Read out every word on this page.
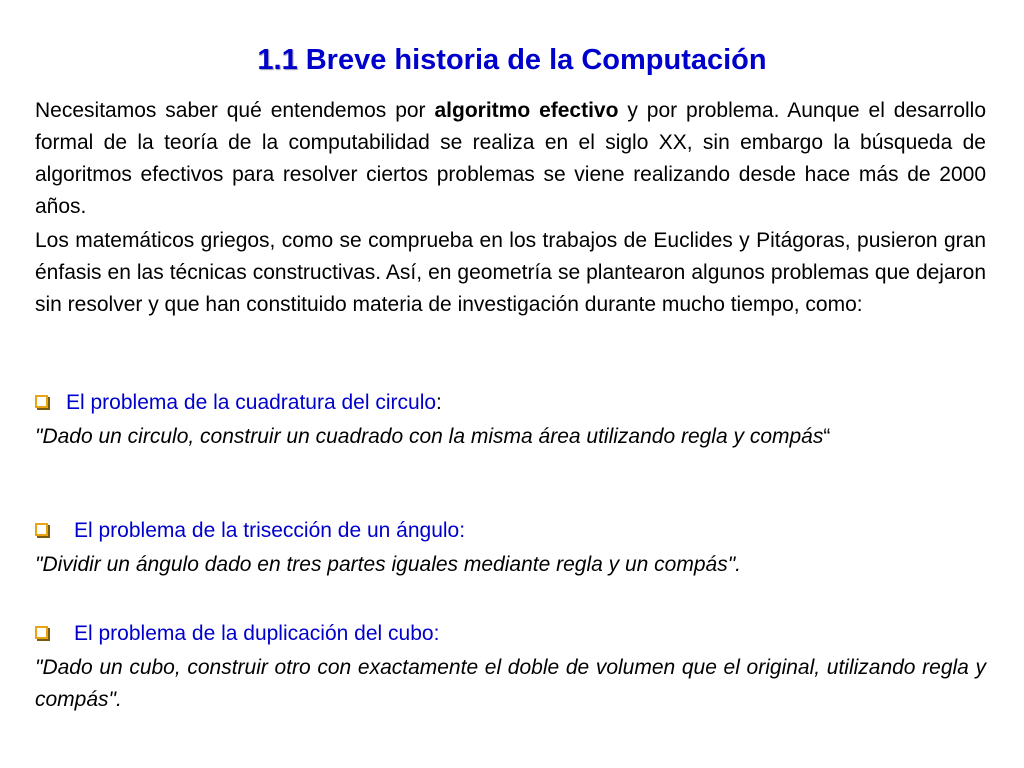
1.1 Breve historia de la Computación

Necesitamos saber qué entendemos por algoritmo efectivo y por problema. Aunque el desarrollo formal de la teoría de la computabilidad se realiza en el siglo XX, sin embargo la búsqueda de algoritmos efectivos para resolver ciertos problemas se viene realizando desde hace más de 2000 años.

Los matemáticos griegos, como se comprueba en los trabajos de Euclides y Pitágoras, pusieron gran énfasis en las técnicas constructivas. Así, en geometría se plantearon algunos problemas que dejaron sin resolver y que han constituido materia de investigación durante mucho tiempo, como:

El problema de la cuadratura del circulo:

"Dado un circulo, construir un cuadrado con la misma área utilizando regla y compás“

El problema de la trisección de un ángulo:

"Dividir un ángulo dado en tres partes iguales mediante regla y un compás".

El problema de la duplicación del cubo:

"Dado un cubo, construir otro con exactamente el doble de volumen que el original, utilizando regla y compás".
